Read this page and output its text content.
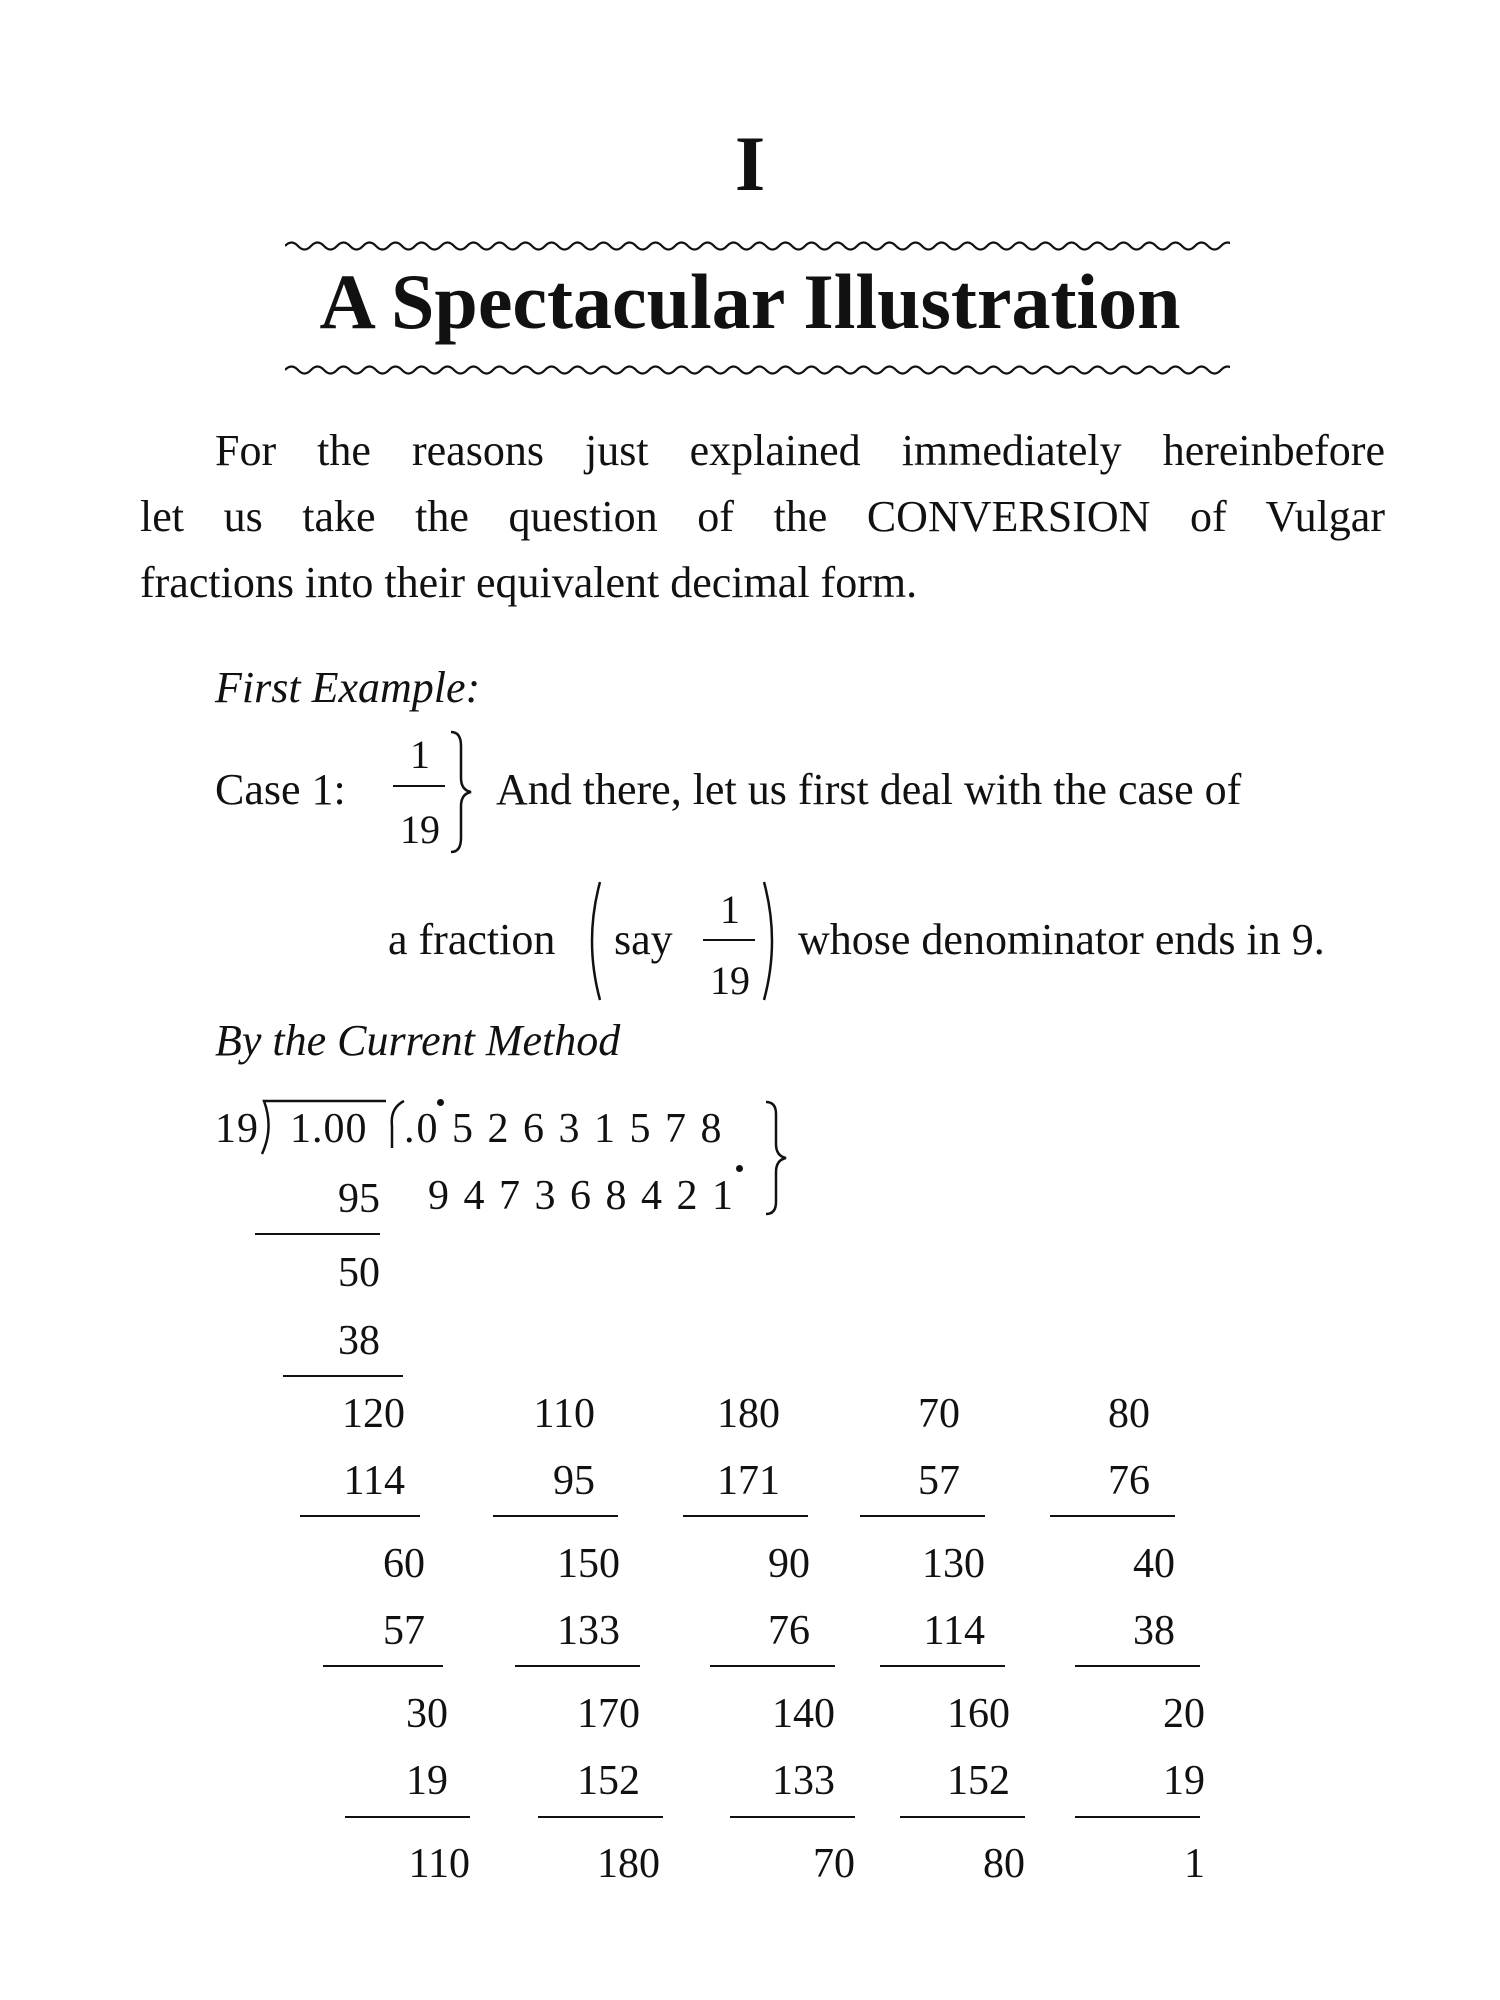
I
A Spectacular Illustration
For the reasons just explained immediately hereinbefore
let us take the question of the CONVERSION of Vulgar
fractions into their equivalent decimal form.
First Example:
Case 1:
1
19
And there, let us first deal with the case of
a fraction say
1
19
whose denominator ends in 9.
By the Current Method
19 1.00 .0 5 2 6 3 1 5 7 8
9 4 7 3 6 8 4 2 1
95
50
38
120
114
60
57
30
19
110
110
95
150
133
170
152
180
180
171
90
76
140
133
70
70
57
130
114
160
152
80
80
76
40
38
20
19
1
